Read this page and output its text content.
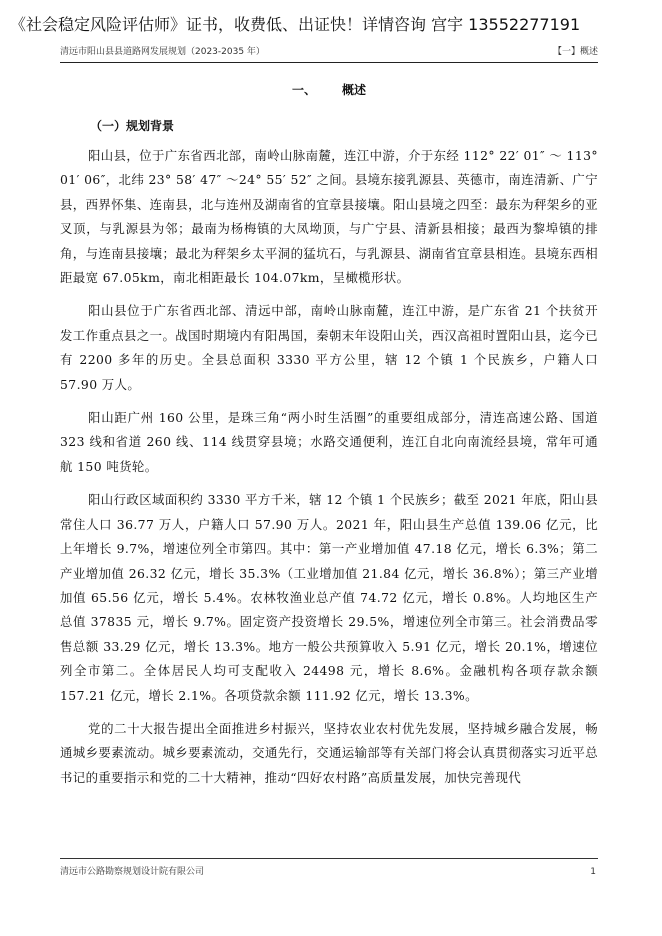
《社会稳定风险评估师》证书，收费低、出证快！详情咨询 宫宇 13552277191
清远市阳山县县道路网发展规划（2023-2035 年）	【一】概述
一、 概述
（一）规划背景

阳山县，位于广东省西北部，南岭山脉南麓，连江中游，介于东经 112° 22′ 01″ ～ 113° 01′ 06″，北纬 23° 58′ 47″ ～24° 55′ 52″ 之间。县境东接乳源县、英德市，南连清新、广宁县，西界怀集、连南县，北与连州及湖南省的宜章县接壤。阳山县境之四至：最东为秤架乡的亚叉顶，与乳源县为邻；最南为杨梅镇的大凤坳顶，与广宁县、清新县相接；最西为黎埠镇的排角，与连南县接壤；最北为秤架乡太平洞的猛坑石，与乳源县、湖南省宜章县相连。县境东西相距最宽 67.05km，南北相距最长 104.07km，呈橄榄形状。

阳山县位于广东省西北部、清远中部，南岭山脉南麓，连江中游，是广东省 21 个扶贫开发工作重点县之一。战国时期境内有阳禺国，秦朝末年设阳山关，西汉高祖时置阳山县，迄今已有 2200 多年的历史。全县总面积 3330 平方公里，辖 12 个镇 1 个民族乡，户籍人口 57.90 万人。

阳山距广州 160 公里，是珠三角“两小时生活圈”的重要组成部分，清连高速公路、国道 323 线和省道 260 线、114 线贯穿县境；水路交通便利，连江自北向南流经县境，常年可通航 150 吨货轮。

阳山行政区域面积约 3330 平方千米，辖 12 个镇 1 个民族乡；截至 2021 年底，阳山县常住人口 36.77 万人，户籍人口 57.90 万人。2021 年，阳山县生产总值 139.06 亿元，比上年增长 9.7%，增速位列全市第四。其中：第一产业增加值 47.18 亿元，增长 6.3%；第二产业增加值 26.32 亿元，增长 35.3%（工业增加值 21.84 亿元，增长 36.8%）；第三产业增加值 65.56 亿元，增长 5.4%。农林牧渔业总产值 74.72 亿元，增长 0.8%。人均地区生产总值 37835 元，增长 9.7%。固定资产投资增长 29.5%，增速位列全市第三。社会消费品零售总额 33.29 亿元，增长 13.3%。地方一般公共预算收入 5.91 亿元，增长 20.1%，增速位列全市第二。全体居民人均可支配收入 24498 元，增长 8.6%。金融机构各项存款余额 157.21 亿元，增长 2.1%。各项贷款余额 111.92 亿元，增长 13.3%。

党的二十大报告提出全面推进乡村振兴，坚持农业农村优先发展，坚持城乡融合发展，畅通城乡要素流动。城乡要素流动，交通先行，交通运输部等有关部门将会认真贯彻落实习近平总书记的重要指示和党的二十大精神，推动“四好农村路”高质量发展，加快完善现代

清远市公路勘察规划设计院有限公司	1
